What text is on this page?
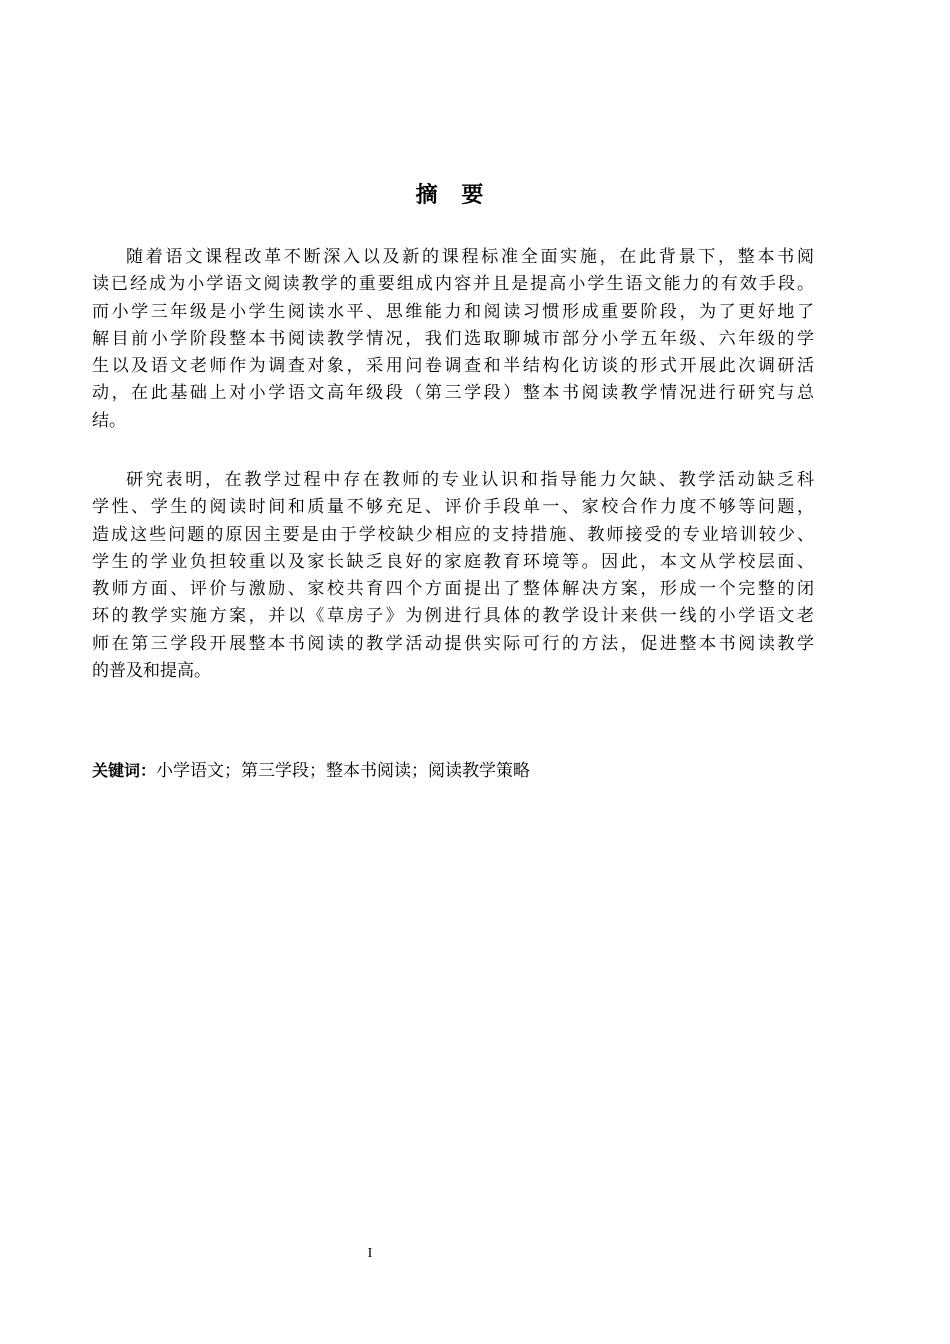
摘 要
随着语文课程改革不断深入以及新的课程标准全面实施，在此背景下，整本书阅
读已经成为小学语文阅读教学的重要组成内容并且是提高小学生语文能力的有效手段。
而小学三年级是小学生阅读水平、思维能力和阅读习惯形成重要阶段，为了更好地了
解目前小学阶段整本书阅读教学情况，我们选取聊城市部分小学五年级、六年级的学
生以及语文老师作为调查对象，采用问卷调查和半结构化访谈的形式开展此次调研活
动，在此基础上对小学语文高年级段（第三学段）整本书阅读教学情况进行研究与总
结。
研究表明，在教学过程中存在教师的专业认识和指导能力欠缺、教学活动缺乏科
学性、学生的阅读时间和质量不够充足、评价手段单一、家校合作力度不够等问题，
造成这些问题的原因主要是由于学校缺少相应的支持措施、教师接受的专业培训较少、
学生的学业负担较重以及家长缺乏良好的家庭教育环境等。因此，本文从学校层面、
教师方面、评价与激励、家校共育四个方面提出了整体解决方案，形成一个完整的闭
环的教学实施方案，并以《草房子》为例进行具体的教学设计来供一线的小学语文老
师在第三学段开展整本书阅读的教学活动提供实际可行的方法，促进整本书阅读教学
的普及和提高。
关键词：小学语文；第三学段；整本书阅读；阅读教学策略
I
